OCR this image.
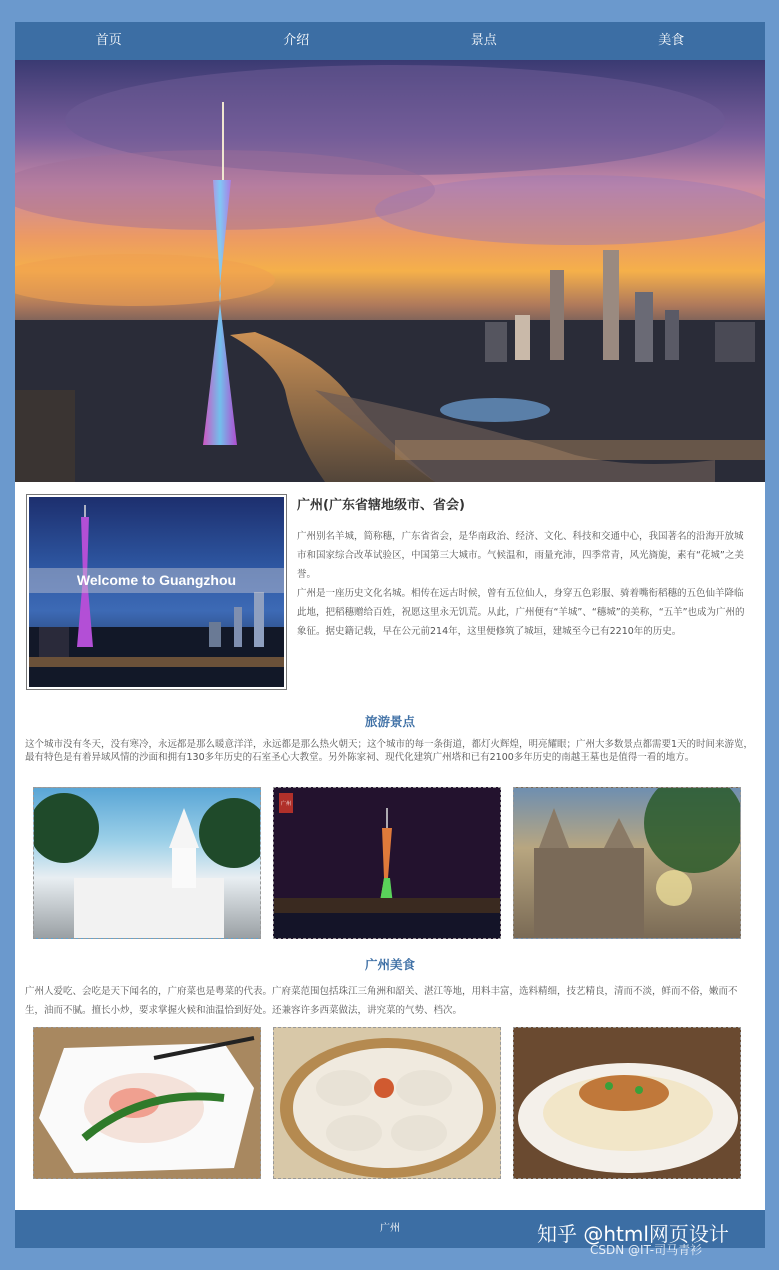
首页	介绍	景点	美食
Welcome to Guangzhou
广州(广东省辖地级市、省会)

广州别名羊城，简称穗，广东省省会，是华南政治、经济、文化、科技和交通中心，我国著名的沿海开放城市和国家综合改革试验区，中国第三大城市。气候温和，雨量充沛，四季常青，风光旖旎，素有“花城”之美誉。

广州是一座历史文化名城。相传在远古时候，曾有五位仙人，身穿五色彩服、骑着嘴衔稻穗的五色仙羊降临此地，把稻穗赠给百姓，祝愿这里永无饥荒。从此，广州便有“羊城”、“穗城”的美称，“五羊”也成为广州的象征。据史籍记载，早在公元前214年，这里便修筑了城垣，建城至今已有2210年的历史。

旅游景点
这个城市没有冬天，没有寒冷，永远都是那么暖意洋洋，永远都是那么热火朝天；这个城市的每一条街道，都灯火辉煌，明亮耀眼；广州大多数景点都需要1天的时间来游览，最有特色是有着异域风情的沙面和拥有130多年历史的石室圣心大教堂。另外陈家祠、现代化建筑广州塔和已有2100多年历史的南越王墓也是值得一看的地方。
广州
广州美食
广州人爱吃、会吃是天下闻名的，广府菜也是粤菜的代表。广府菜范围包括珠江三角洲和韶关、湛江等地，用料丰富，选料精细，技艺精良，清而不淡，鲜而不俗，嫩而不生，油而不腻。擅长小炒，要求掌握火候和油温恰到好处。还兼容许多西菜做法，讲究菜的气势、档次。
广州	知乎 @html网页设计
CSDN @IT-司马青衫
